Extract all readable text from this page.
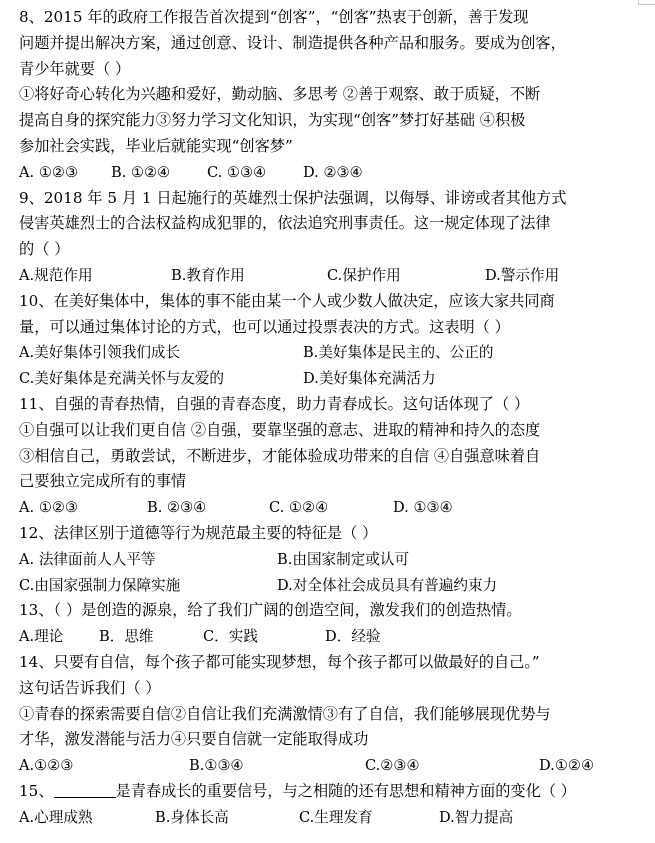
8、2015 年的政府工作报告首次提到“创客”，“创客”热衷于创新，善于发现
问题并提出解决方案，通过创意、设计、制造提供各种产品和服务。要成为创客，
青少年就要（ ）
①将好奇心转化为兴趣和爱好，勤动脑、多思考 ②善于观察、敢于质疑，不断
提高自身的探究能力③努力学习文化知识，为实现“创客”梦打好基础 ④积极
参加社会实践，毕业后就能实现“创客梦”
A. ①②③	B. ①②④	C. ①③④	D. ②③④
9、2018 年 5 月 1 日起施行的英雄烈士保护法强调，以侮辱、诽谤或者其他方式
侵害英雄烈士的合法权益构成犯罪的，依法追究刑事责任。这一规定体现了法律
的（ ）
A.规范作用	B.教育作用	C.保护作用	D.警示作用
10、在美好集体中，集体的事不能由某一个人或少数人做决定，应该大家共同商
量，可以通过集体讨论的方式，也可以通过投票表决的方式。这表明（ ）
A.美好集体引领我们成长	B.美好集体是民主的、公正的
C.美好集体是充满关怀与友爱的	D.美好集体充满活力
11、自强的青春热情，自强的青春态度，助力青春成长。这句话体现了（ ）
①自强可以让我们更自信 ②自强，要靠坚强的意志、进取的精神和持久的态度
③相信自己，勇敢尝试，不断进步，才能体验成功带来的自信 ④自强意味着自
己要独立完成所有的事情
A. ①②③	B. ②③④	C. ①②④	D. ①③④
12、法律区别于道德等行为规范最主要的特征是（ ）
A. 法律面前人人平等	B.由国家制定或认可
C.由国家强制力保障实施	D.对全体社会成员具有普遍约束力
13、（ ）是创造的源泉，给了我们广阔的创造空间，激发我们的创造热情。
A.理论	B．思维	C．实践	D．经验
14、只要有自信，每个孩子都可能实现梦想，每个孩子都可以做最好的自己。”
这句话告诉我们（ ）
①青春的探索需要自信②自信让我们充满激情③有了自信，我们能够展现优势与
才华，激发潜能与活力④只要自信就一定能取得成功
A.①②③	B.①③④	C.②③④	D.①②④
15、	是青春成长的重要信号，与之相随的还有思想和精神方面的变化（ ）
A.心理成熟	B.身体长高	C.生理发育	D.智力提高
